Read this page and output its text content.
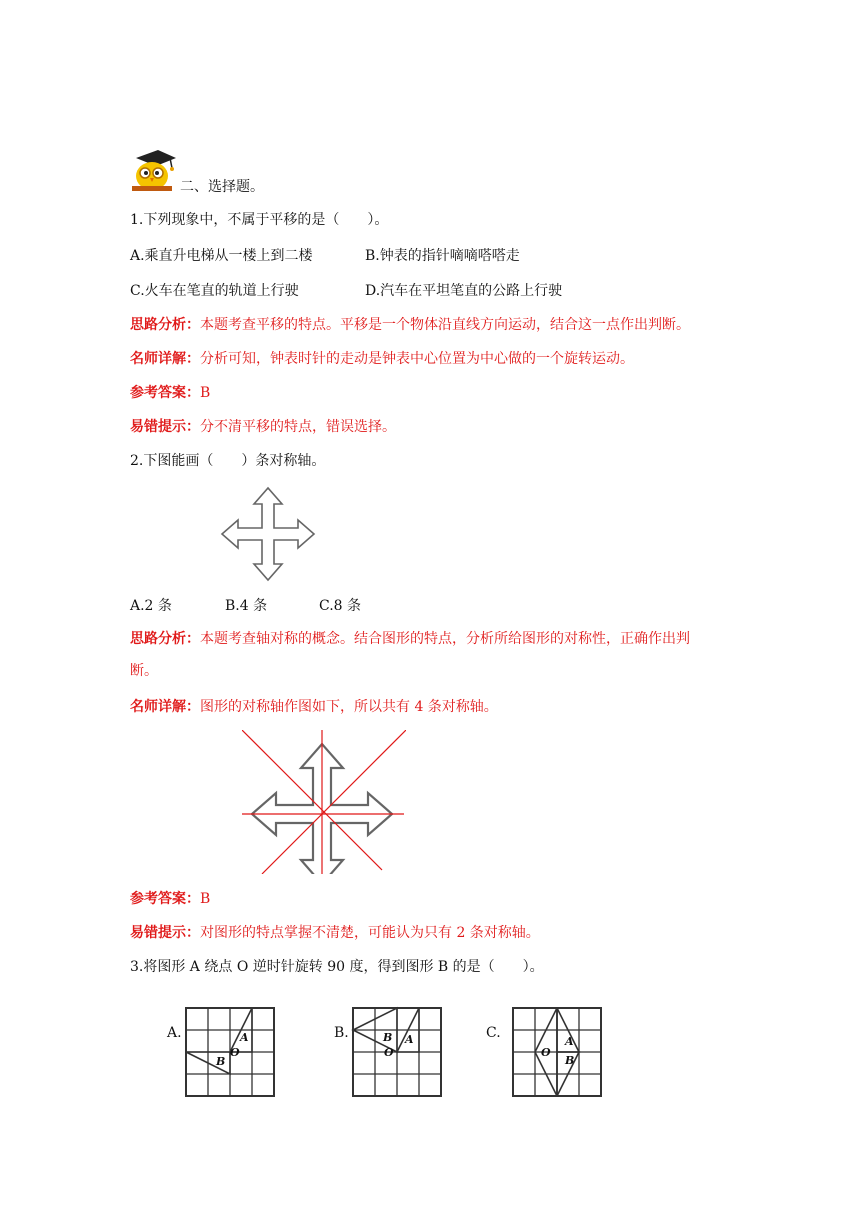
二、选择题。
1.下列现象中，不属于平移的是（　　）。
A.乘直升电梯从一楼上到二楼	B.钟表的指针嘀嘀嗒嗒走
C.火车在笔直的轨道上行驶	D.汽车在平坦笔直的公路上行驶
思路分析：本题考查平移的特点。平移是一个物体沿直线方向运动，结合这一点作出判断。
名师详解：分析可知，钟表时针的走动是钟表中心位置为中心做的一个旋转运动。
参考答案：B
易错提示：分不清平移的特点，错误选择。
2.下图能画（　　）条对称轴。
A.2 条	B.4 条	C.8 条
思路分析：本题考查轴对称的概念。结合图形的特点，分析所给图形的对称性，正确作出判
断。
名师详解：图形的对称轴作图如下，所以共有 4 条对称轴。
参考答案：B
易错提示：对图形的特点掌握不清楚，可能认为只有 2 条对称轴。
3.将图形 A 绕点 O 逆时针旋转 90 度，得到图形 B 的是（　　）。
A.	A
B
O
B.	B A
O
C.
A
B
O
